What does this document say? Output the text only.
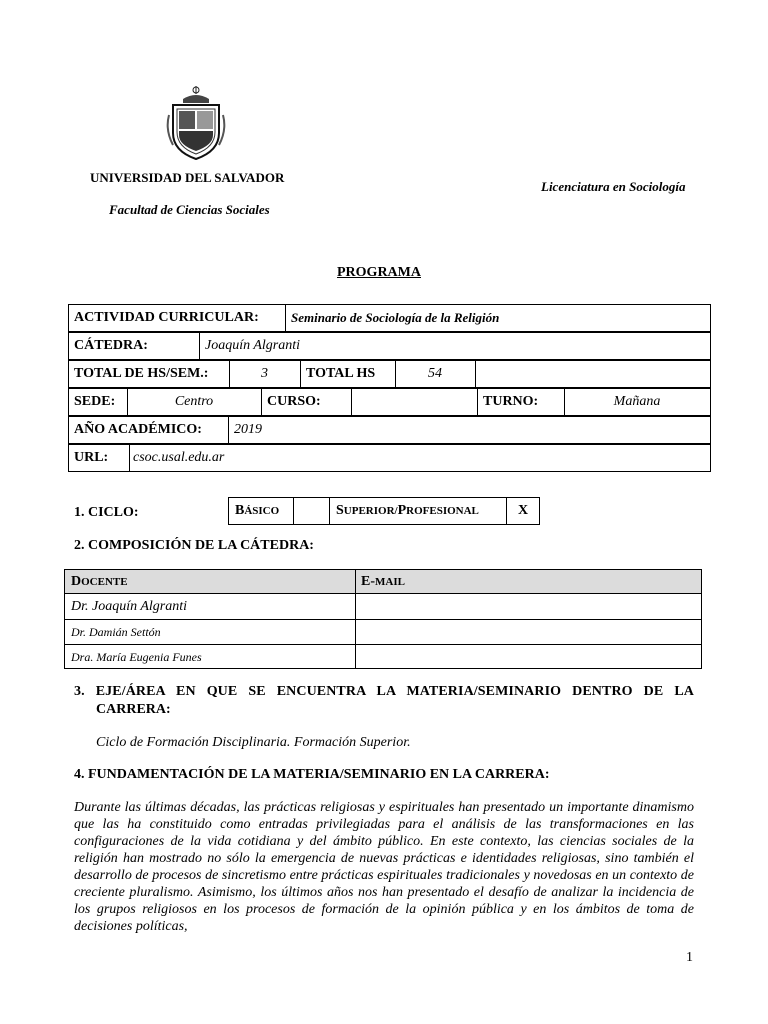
UNIVERSIDAD DEL SALVADOR
Facultad de Ciencias Sociales
Licenciatura en Sociología
PROGRAMA
ACTIVIDAD CURRICULAR: Seminario de Sociología de la Religión
CÁTEDRA:	Joaquín Algranti
TOTAL DE HS/SEM.:	3	TOTAL HS	54
SEDE:	Centro	CURSO:	TURNO:	Mañana
AÑO ACADÉMICO: 2019
URL: csoc.usal.edu.ar
1. CICLO:	B ÁSICO	S UPERIOR/ P ROFESIONAL	X
2. COMPOSICIÓN DE LA CÁTEDRA:
D OCENTE	E- MAIL
Dr. Joaquín Algranti
Dr. Damián Settón
Dra. María Eugenia Funes
3. EJE/ÁREA EN QUE SE ENCUENTRA LA MATERIA/SEMINARIO DENTRO DE LA
CARRERA:
Ciclo de Formación Disciplinaria. Formación Superior.
4. FUNDAMENTACIÓN DE LA MATERIA/SEMINARIO EN LA CARRERA:
Durante las últimas décadas, las prácticas religiosas y espirituales han presentado un importante dinamismo que las ha constituido como entradas privilegiadas para el análisis de las transformaciones en las configuraciones de la vida cotidiana y del ámbito público. En este contexto, las ciencias sociales de la religión han mostrado no sólo la emergencia de nuevas prácticas e identidades religiosas, sino también el desarrollo de procesos de sincretismo entre prácticas espirituales tradicionales y novedosas en un contexto de creciente pluralismo. Asimismo, los últimos años nos han presentado el desafío de analizar la incidencia de los grupos religiosos en los procesos de formación de la opinión pública y en los ámbitos de toma de decisiones políticas,
1
